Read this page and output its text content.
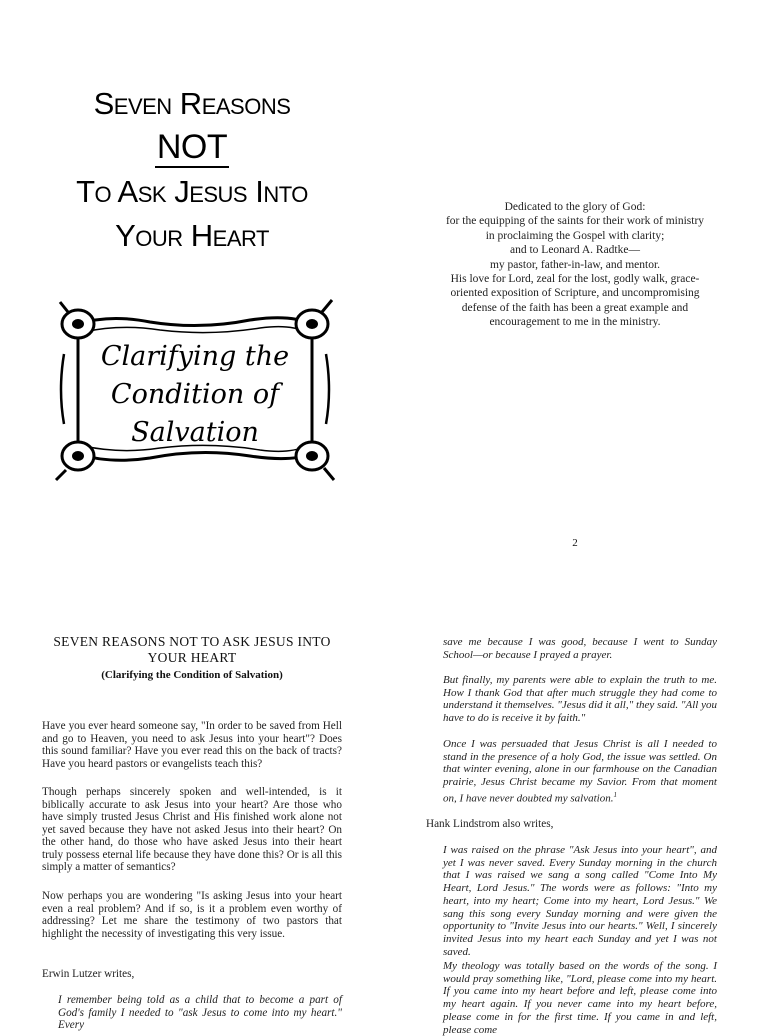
Seven Reasons
NOT
To Ask Jesus Into
Your Heart
Clarifying the
Condition of
Salvation
Dedicated to the glory of God:
for the equipping of the saints for their work of ministry
in proclaiming the Gospel with clarity;
and to Leonard A. Radtke—
my pastor, father-in-law, and mentor.
His love for Lord, zeal for the lost, godly walk, grace-
oriented exposition of Scripture, and uncompromising
defense of the faith has been a great example and
encouragement to me in the ministry.
2
SEVEN REASONS NOT TO ASK JESUS INTO YOUR HEART
(Clarifying the Condition of Salvation)

Have you ever heard someone say, "In order to be saved from Hell and go to Heaven, you need to ask Jesus into your heart"? Does this sound familiar? Have you ever read this on the back of tracts? Have you heard pastors or evangelists teach this?

Though perhaps sincerely spoken and well-intended, is it biblically accurate to ask Jesus into your heart? Are those who have simply trusted Jesus Christ and His finished work alone not yet saved because they have not asked Jesus into their heart? On the other hand, do those who have asked Jesus into their heart truly possess eternal life because they have done this? Or is all this simply a matter of semantics?

Now perhaps you are wondering "Is asking Jesus into your heart even a real problem? And if so, is it a problem even worthy of addressing? Let me share the testimony of two pastors that highlight the necessity of investigating this very issue.

Erwin Lutzer writes,

I remember being told as a child that to become a part of God's family I needed to "ask Jesus to come into my heart." Every

save me because I was good, because I went to Sunday School—or because I prayed a prayer.

But finally, my parents were able to explain the truth to me. How I thank God that after much struggle they had come to understand it themselves. "Jesus did it all," they said. "All you have to do is receive it by faith."

Once I was persuaded that Jesus Christ is all I needed to stand in the presence of a holy God, the issue was settled. On that winter evening, alone in our farmhouse on the Canadian prairie, Jesus Christ became my Savior. From that moment on, I have never doubted my salvation.$^1$

Hank Lindstrom also writes,

I was raised on the phrase "Ask Jesus into your heart", and yet I was never saved. Every Sunday morning in the church that I was raised we sang a song called "Come Into My Heart, Lord Jesus." The words were as follows: "Into my heart, into my heart; Come into my heart, Lord Jesus." We sang this song every Sunday morning and were given the opportunity to "Invite Jesus into our hearts." Well, I sincerely invited Jesus into my heart each Sunday and yet I was not saved.

My theology was totally based on the words of the song. I would pray something like, "Lord, please come into my heart. If you came into my heart before and left, please come into my heart again. If you never came into my heart before, please come in for the first time. If you came in and left, please come
